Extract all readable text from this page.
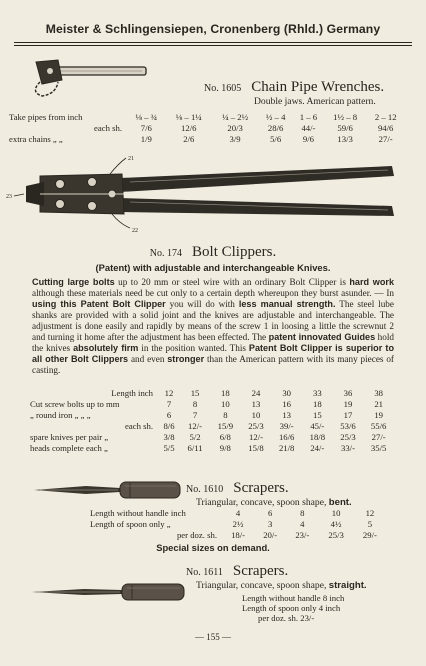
Meister & Schlingensiepen, Cronenberg (Rhld.) Germany
No. 1605 Chain Pipe Wrenches.
Double jaws. American pattern.
Take pipes from inch	⅛ – ¾	⅛ – 1¼	¼ – 2½	½ – 4	1 – 6	1½ – 8	2 – 12
each sh.	7/6	12/6	20/3	28/6	44/-	59/6	94/6
extra chains „ „	1/9	2/6	3/9	5/6	9/6	13/3	27/-
21
23
22
No. 174 Bolt Clippers.
(Patent) with adjustable and interchangeable Knives.
Cutting large bolts up to 20 mm or steel wire with an ordinary Bolt Clipper is hard work although these materials need be cut only to a certain depth whereupon they burst asunder. — In using this Patent Bolt Clipper you will do with less manual strength. The steel lube shanks are provided with a solid joint and the knives are adjustable and interchangeable. The adjustment is done easily and rapidly by means of the screw 1 in loosing a little the screwnut 2 and turning it home after the adjustment has been effected. The patent innovated Guides hold the knives absolutely firm in the position wanted. This Patent Bolt Clipper is superior to all other Bolt Clippers and even stronger than the American pattern with its many pieces of casting.
Length inch	12	15	18	24	30	33	36	38
Cut screw bolts up to mm	7	8	10	13	16	18	19	21
„ round iron „ „ „	6	7	8	10	13	15	17	19
each sh.	8/6	12/-	15/9	25/3	39/-	45/-	53/6	55/6
spare knives per pair „	3/8	5/2	6/8	12/-	16/6	18/8	25/3	27/-
heads complete each „	5/5	6/11	9/8	15/8	21/8	24/-	33/-	35/5
No. 1610 Scrapers.
Triangular, concave, spoon shape, bent.
Length without handle inch	4	6	8	10	12
Length of spoon only „	2½	3	4	4½	5
per doz. sh.	18/-	20/-	23/-	25/3	29/-
Special sizes on demand.
No. 1611 Scrapers.
Triangular, concave, spoon shape, straight.
Length without handle 8 inch
Length of spoon only 4 inch
per doz. sh. 23/-
— 155 —
